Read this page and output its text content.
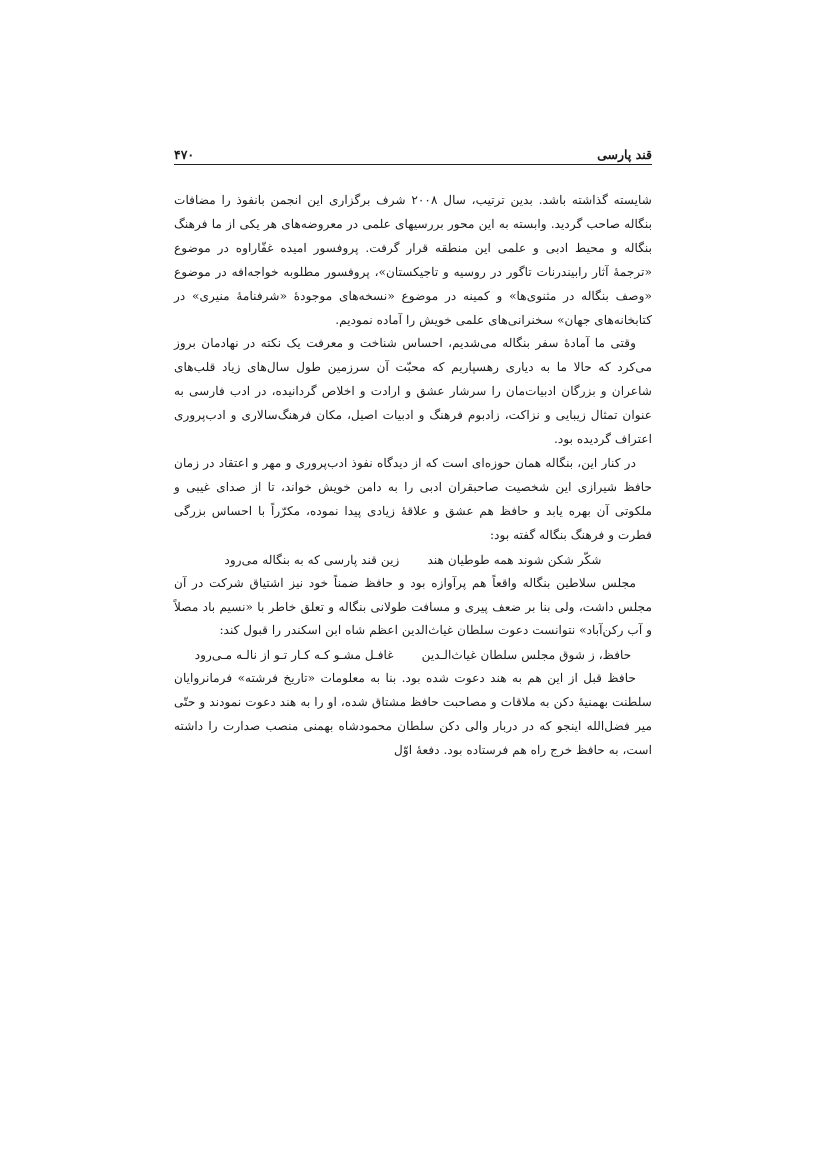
قند پارسی
۴۷۰

شایسته گذاشته باشد. بدین ترتیب، سال ۲۰۰۸ شرف برگزاری این انجمن بانفوذ را مضافات بنگاله صاحب گردید. وابسته به این محور بررسیهای علمی در معروضه‌های هر یکی از ما فرهنگ بنگاله و محیط ادبی و علمی این منطقه قرار گرفت. پروفسور امیده غفّاراوه در موضوع «ترجمهٔ آثار رابیندرنات تاگور در روسیه و تاجیکستان»، پروفسور مطلوبه خواجه‌افه در موضوع «وصف بنگاله در مثنوی‌ها» و کمینه در موضوع «نسخه‌های موجودهٔ «شرفنامهٔ منیری» در کتابخانه‌های جهان» سخنرانی‌های علمی خویش را آماده نمودیم.

وقتی ما آمادهٔ سفر بنگاله می‌شدیم، احساس شناخت و معرفت یک نکته در نهادمان بروز می‌کرد که حالا ما به دیاری رهسپاریم که محبّت آن سرزمین طول سال‌های زیاد قلب‌های شاعران و بزرگان ادبیات‌مان را سرشار عشق و ارادت و اخلاص گردانیده، در ادب فارسی به عنوان تمثال زیبایی و نزاکت، زادبوم فرهنگ و ادبیات اصیل، مکان فرهنگ‌سالاری و ادب‌پروری اعتراف گردیده بود.

در کنار این، بنگاله همان حوزه‌ای است که از دیدگاه نفوذ ادب‌پروری و مهر و اعتقاد در زمان حافظ شیرازی این شخصیت صاحبقران ادبی را به دامن خویش خواند، تا از صدای غیبی و ملکوتی آن بهره یابد و حافظ هم عشق و علاقهٔ زیادی پیدا نموده، مکرّراً با احساس بزرگی فطرت و فرهنگ بنگاله گفته بود:

شکّر شکن شوند همه طوطیان هند
زین قند پارسی که به بنگاله می‌رود

مجلس سلاطین بنگاله واقعاً هم پرآوازه بود و حافظ ضمناً خود نیز اشتیاق شرکت در آن مجلس داشت، ولی بنا بر ضعف پیری و مسافت طولانی بنگاله و تعلق خاطر با «نسیم باد مصلاً و آب رکن‌آباد» نتوانست دعوت سلطان غیاث‌الدین اعظم شاه ابن اسکندر را قبول کند:

حافظ، ز شوق مجلس سلطان غیاث‌الـدین
غافـل مشـو کـه کـار تـو از نالـه مـی‌رود

حافظ قبل از این هم به هند دعوت شده بود. بنا به معلومات «تاریخ فرشته» فرمانروایان سلطنت بهمنیهٔ دکن به ملاقات و مصاحبت حافظ مشتاق شده، او را به هند دعوت نمودند و حتّی میر فضل‌الله اینجو که در دربار والی دکن سلطان محمودشاه بهمنی منصب صدارت را داشته است، به حافظ خرج راه هم فرستاده بود. دفعهٔ اوّل
